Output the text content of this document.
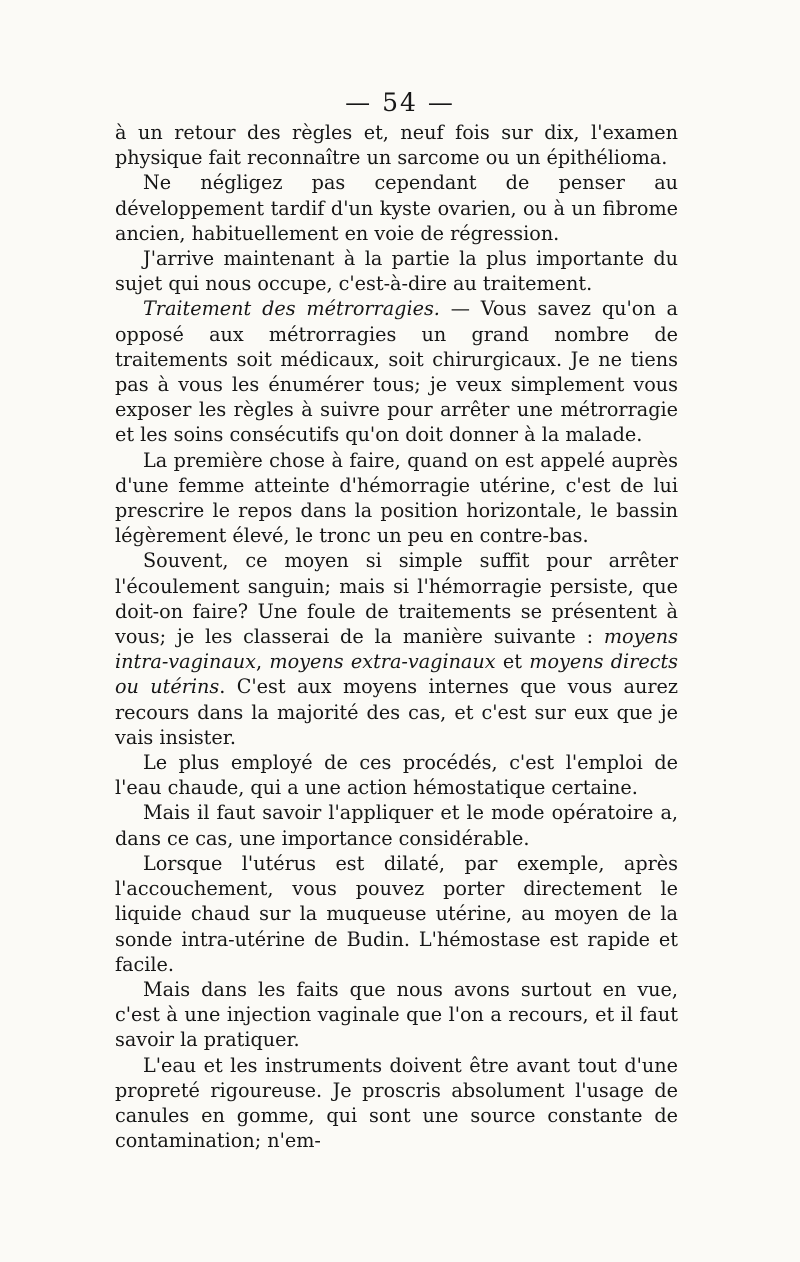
— 54 —

à un retour des règles et, neuf fois sur dix, l'examen physique fait reconnaître un sarcome ou un épithélioma.

Ne négligez pas cependant de penser au développement tardif d'un kyste ovarien, ou à un fibrome ancien, habituellement en voie de régression.

J'arrive maintenant à la partie la plus importante du sujet qui nous occupe, c'est-à-dire au traitement.

Traitement des métrorragies. — Vous savez qu'on a opposé aux métrorragies un grand nombre de traitements soit médicaux, soit chirurgicaux. Je ne tiens pas à vous les énumérer tous; je veux simplement vous exposer les règles à suivre pour arrêter une métrorragie et les soins consécutifs qu'on doit donner à la malade.

La première chose à faire, quand on est appelé auprès d'une femme atteinte d'hémorragie utérine, c'est de lui prescrire le repos dans la position horizontale, le bassin légèrement élevé, le tronc un peu en contre-bas.

Souvent, ce moyen si simple suffit pour arrêter l'écoulement sanguin; mais si l'hémorragie persiste, que doit-on faire? Une foule de traitements se présentent à vous; je les classerai de la manière suivante : moyens intra-vaginaux, moyens extra-vaginaux et moyens directs ou utérins. C'est aux moyens internes que vous aurez recours dans la majorité des cas, et c'est sur eux que je vais insister.

Le plus employé de ces procédés, c'est l'emploi de l'eau chaude, qui a une action hémostatique certaine.

Mais il faut savoir l'appliquer et le mode opératoire a, dans ce cas, une importance considérable.

Lorsque l'utérus est dilaté, par exemple, après l'accouchement, vous pouvez porter directement le liquide chaud sur la muqueuse utérine, au moyen de la sonde intra-utérine de Budin. L'hémostase est rapide et facile.

Mais dans les faits que nous avons surtout en vue, c'est à une injection vaginale que l'on a recours, et il faut savoir la pratiquer.

L'eau et les instruments doivent être avant tout d'une propreté rigoureuse. Je proscris absolument l'usage de canules en gomme, qui sont une source constante de contamination; n'em-
